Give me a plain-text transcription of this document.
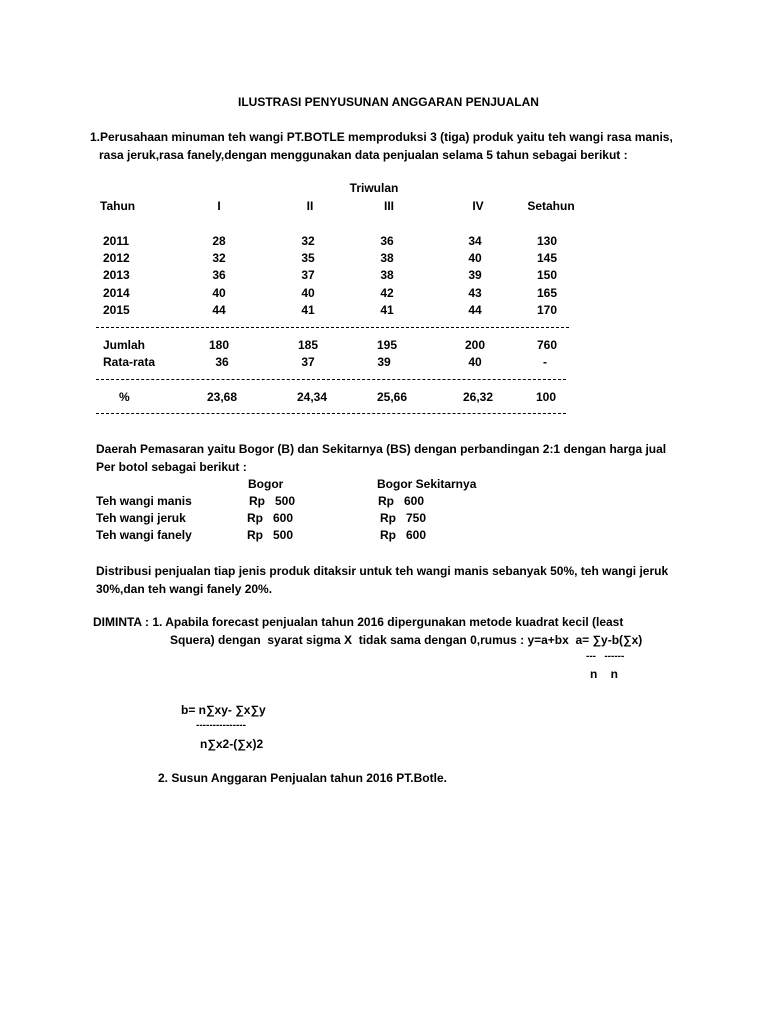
ILUSTRASI PENYUSUNAN ANGGARAN PENJUALAN
1.Perusahaan minuman teh wangi PT.BOTLE memproduksi 3 (tiga) produk yaitu teh wangi rasa manis,
rasa jeruk,rasa fanely,dengan menggunakan data penjualan selama 5 tahun sebagai berikut :
Triwulan
Tahun	I	II	III	IV	Setahun
2011	28	32	36	34	130
2012	32	35	38	40	145
2013	36	37	38	39	150
2014	40	40	42	43	165
2015	44	41	41	44	170
Jumlah	180	185	195	200	760
Rata-rata	36	37	39	40	-
%	23,68	24,34	25,66	26,32	100
Daerah Pemasaran yaitu Bogor (B) dan Sekitarnya (BS) dengan perbandingan 2:1 dengan harga jual
Per botol sebagai berikut :
Bogor	Bogor Sekitarnya
Teh wangi manis	Rp   500	Rp   600
Teh wangi jeruk	Rp   600	Rp   750
Teh wangi fanely	Rp   500	Rp   600
Distribusi penjualan tiap jenis produk ditaksir untuk teh wangi manis sebanyak 50%, teh wangi jeruk
30%,dan teh wangi fanely 20%.
DIMINTA : 1. Apabila forecast penjualan tahun 2016 dipergunakan metode kuadrat kecil (least
Squera) dengan  syarat sigma X  tidak sama dengan 0,rumus : y=a+bx  a= ∑y-b(∑x)
---   ------
n    n
b= n∑xy- ∑x∑y
---------------
n∑x2-(∑x)2
2. Susun Anggaran Penjualan tahun 2016 PT.Botle.
